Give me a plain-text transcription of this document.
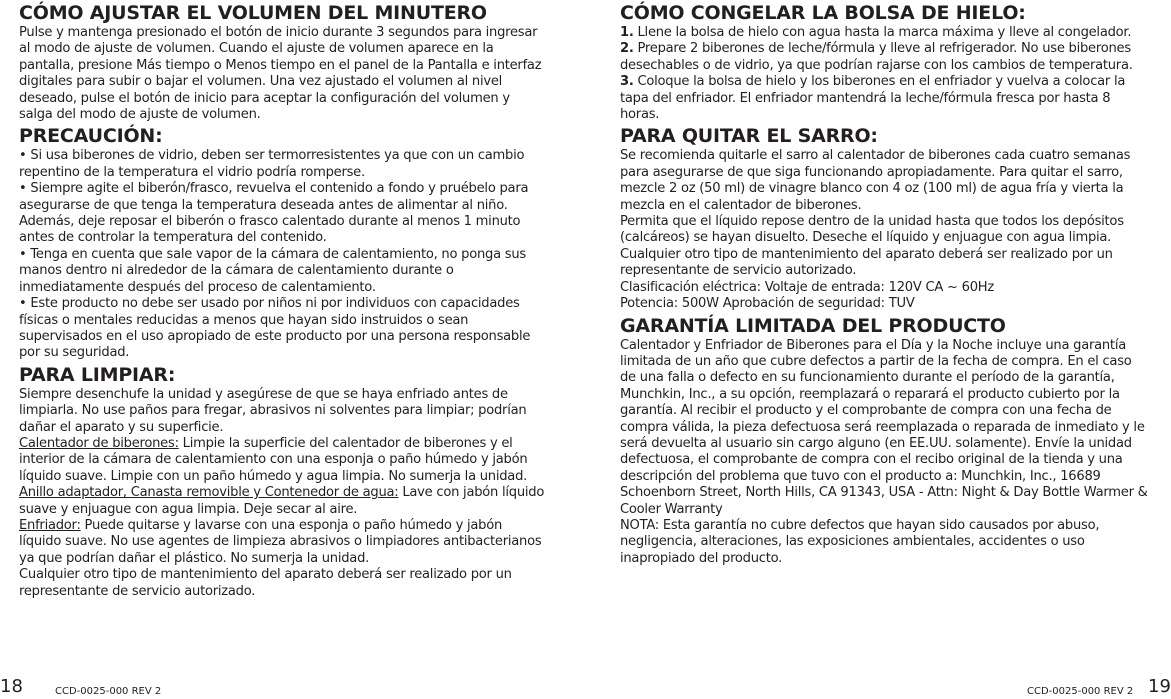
CÓMO AJUSTAR EL VOLUMEN DEL MINUTERO

Pulse y mantenga presionado el botón de inicio durante 3 segundos para ingresar al modo de ajuste de volumen. Cuando el ajuste de volumen aparece en la pantalla, presione Más tiempo o Menos tiempo en el panel de la Pantalla e interfaz digitales para subir o bajar el volumen. Una vez ajustado el volumen al nivel deseado, pulse el botón de inicio para aceptar la configuración del volumen y salga del modo de ajuste de volumen.

PRECAUCIÓN:

• Si usa biberones de vidrio, deben ser termorresistentes ya que con un cambio repentino de la temperatura el vidrio podría romperse.

• Siempre agite el biberón/frasco, revuelva el contenido a fondo y pruébelo para asegurarse de que tenga la temperatura deseada antes de alimentar al niño. Además, deje reposar el biberón o frasco calentado durante al menos 1 minuto antes de controlar la temperatura del contenido.

• Tenga en cuenta que sale vapor de la cámara de calentamiento, no ponga sus manos dentro ni alrededor de la cámara de calentamiento durante o inmediatamente después del proceso de calentamiento.

• Este producto no debe ser usado por niños ni por individuos con capacidades físicas o mentales reducidas a menos que hayan sido instruidos o sean supervisados en el uso apropiado de este producto por una persona responsable por su seguridad.

PARA LIMPIAR:

Siempre desenchufe la unidad y asegúrese de que se haya enfriado antes de limpiarla. No use paños para fregar, abrasivos ni solventes para limpiar; podrían dañar el aparato y su superficie.

Calentador de biberones: Limpie la superficie del calentador de biberones y el interior de la cámara de calentamiento con una esponja o paño húmedo y jabón líquido suave. Limpie con un paño húmedo y agua limpia. No sumerja la unidad.

Anillo adaptador, Canasta removible y Contenedor de agua: Lave con jabón líquido suave y enjuague con agua limpia. Deje secar al aire.

Enfriador: Puede quitarse y lavarse con una esponja o paño húmedo y jabón líquido suave. No use agentes de limpieza abrasivos o limpiadores antibacterianos ya que podrían dañar el plástico. No sumerja la unidad.

Cualquier otro tipo de mantenimiento del aparato deberá ser realizado por un representante de servicio autorizado.

CÓMO CONGELAR LA BOLSA DE HIELO:

1. Llene la bolsa de hielo con agua hasta la marca máxima y lleve al congelador.

2. Prepare 2 biberones de leche/fórmula y lleve al refrigerador. No use biberones desechables o de vidrio, ya que podrían rajarse con los cambios de temperatura.

3. Coloque la bolsa de hielo y los biberones en el enfriador y vuelva a colocar la tapa del enfriador. El enfriador mantendrá la leche/fórmula fresca por hasta 8 horas.

PARA QUITAR EL SARRO:

Se recomienda quitarle el sarro al calentador de biberones cada cuatro semanas para asegurarse de que siga funcionando apropiadamente. Para quitar el sarro, mezcle 2 oz (50 ml) de vinagre blanco con 4 oz (100 ml) de agua fría y vierta la mezcla en el calentador de biberones.

Permita que el líquido repose dentro de la unidad hasta que todos los depósitos (calcáreos) se hayan disuelto. Deseche el líquido y enjuague con agua limpia. Cualquier otro tipo de mantenimiento del aparato deberá ser realizado por un representante de servicio autorizado.

Clasificación eléctrica: Voltaje de entrada: 120V CA ~ 60Hz

Potencia: 500W Aprobación de seguridad: TUV

GARANTÍA LIMITADA DEL PRODUCTO

Calentador y Enfriador de Biberones para el Día y la Noche incluye una garantía limitada de un año que cubre defectos a partir de la fecha de compra. En el caso de una falla o defecto en su funcionamiento durante el período de la garantía, Munchkin, Inc., a su opción, reemplazará o reparará el producto cubierto por la garantía. Al recibir el producto y el comprobante de compra con una fecha de compra válida, la pieza defectuosa será reemplazada o reparada de inmediato y le será devuelta al usuario sin cargo alguno (en EE.UU. solamente). Envíe la unidad defectuosa, el comprobante de compra con el recibo original de la tienda y una descripción del problema que tuvo con el producto a: Munchkin, Inc., 16689 Schoenborn Street, North Hills, CA 91343, USA - Attn: Night & Day Bottle Warmer & Cooler Warranty

NOTA: Esta garantía no cubre defectos que hayan sido causados por abuso, negligencia, alteraciones, las exposiciones ambientales, accidentes o uso inapropiado del producto.

18	CCD-0025-000 REV 2	CCD-0025-000 REV 2 19
